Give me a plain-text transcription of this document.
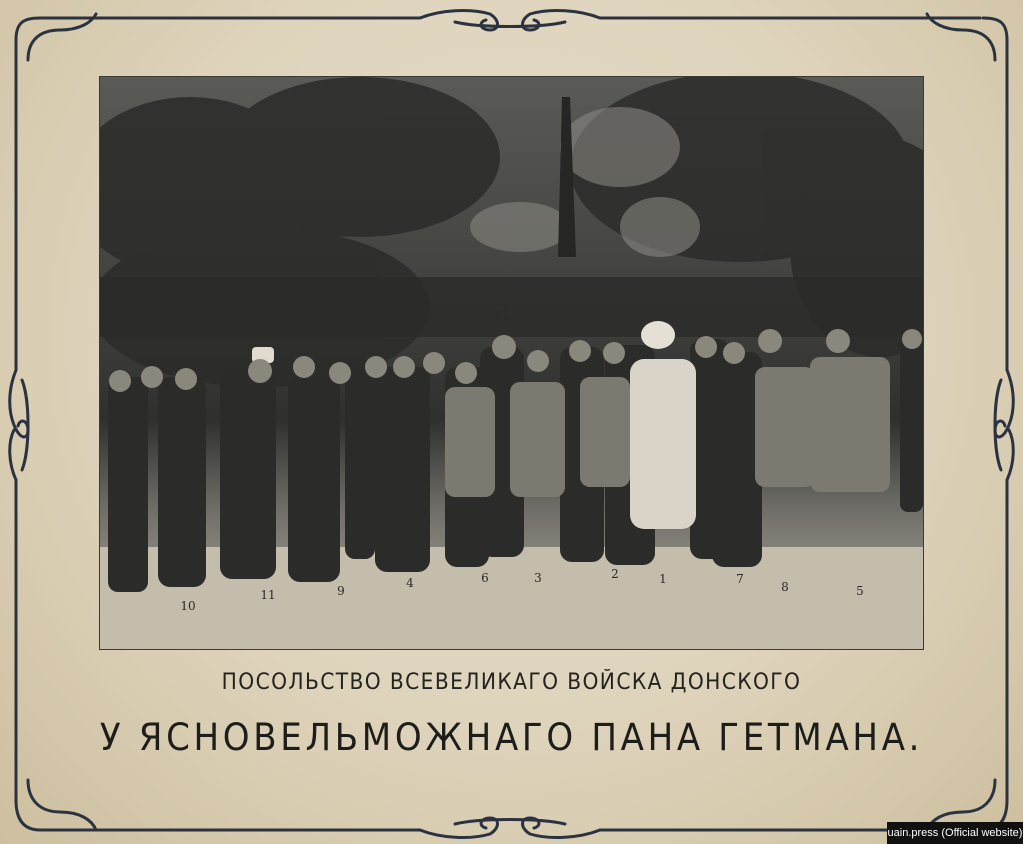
12
10
11	9
4	6	3	2	1	7
8	5
ПОСОЛЬСТВО ВСЕВЕЛИКАГО ВОЙСКА ДОНСКОГО
У ЯСНОВЕЛЬМОЖНАГО ПАНА ГЕТМАНА.
uain.press (Official website)
